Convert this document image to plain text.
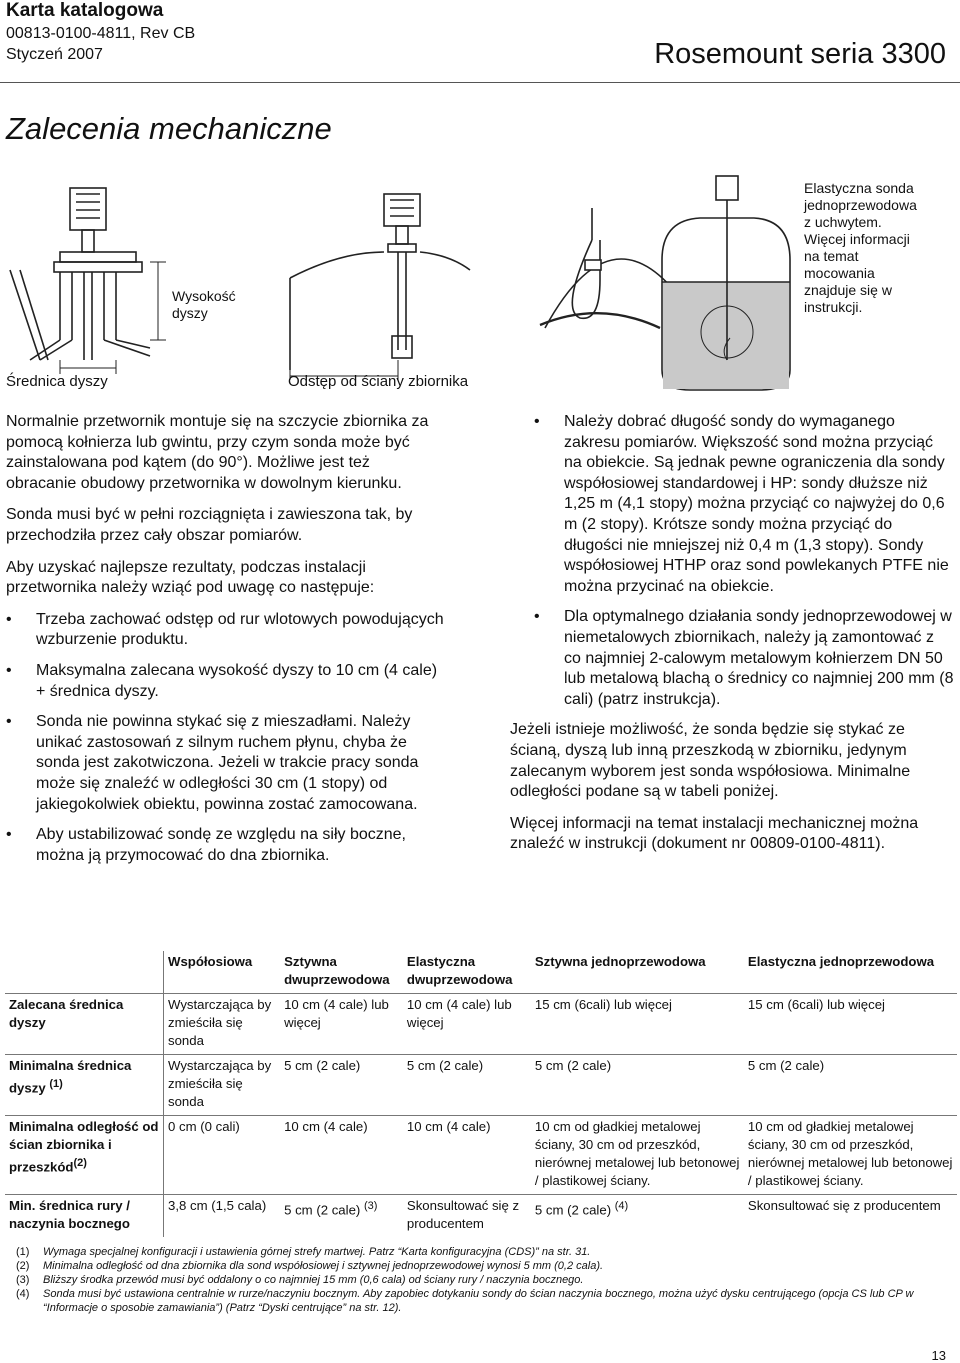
Karta katalogowa
00813-0100-4811, Rev CB
Styczeń 2007	Rosemount seria 3300
Zalecenia mechaniczne
Wysokość
dyszy
Średnica dyszy	Odstęp od ściany zbiornika
Elastyczna sonda
jednoprzewodowa
z uchwytem.
Więcej informacji
na temat
mocowania
znajduje się w
instrukcji.

Normalnie przetwornik montuje się na szczycie zbiornika za pomocą kołnierza lub gwintu, przy czym sonda może być zainstalowana pod kątem (do 90°). Możliwe jest też obracanie obudowy przetwornika w dowolnym kierunku.

Sonda musi być w pełni rozciągnięta i zawieszona tak, by przechodziła przez cały obszar pomiarów.

Aby uzyskać najlepsze rezultaty, podczas instalacji przetwornika należy wziąć pod uwagę co następuje:

• Trzeba zachować odstęp od rur wlotowych powodujących wzburzenie produktu.
• Maksymalna zalecana wysokość dyszy to 10 cm (4 cale) + średnica dyszy.
• Sonda nie powinna stykać się z mieszadłami. Należy unikać zastosowań z silnym ruchem płynu, chyba że sonda jest zakotwiczona. Jeżeli w trakcie pracy sonda może się znaleźć w odległości 30 cm (1 stopy) od jakiegokolwiek obiektu, powinna zostać zamocowana.
• Aby ustabilizować sondę ze względu na siły boczne, można ją przymocować do dna zbiornika.
• Należy dobrać długość sondy do wymaganego zakresu pomiarów. Większość sond można przyciąć na obiekcie. Są jednak pewne ograniczenia dla sondy współosiowej standardowej i HP: sondy dłuższe niż 1,25 m (4,1 stopy) można przyciąć co najwyżej do 0,6 m (2 stopy). Krótsze sondy można przyciąć do długości nie mniejszej niż 0,4 m (1,3 stopy). Sondy współosiowej HTHP oraz sond powlekanych PTFE nie można przycinać na obiekcie.
• Dla optymalnego działania sondy jednoprzewodowej w niemetalowych zbiornikach, należy ją zamontować z co najmniej 2-calowym metalowym kołnierzem DN 50 lub metalową blachą o średnicy co najmniej 200 mm (8 cali) (patrz instrukcja).

Jeżeli istnieje możliwość, że sonda będzie się stykać ze ścianą, dyszą lub inną przeszkodą w zbiorniku, jedynym zalecanym wyborem jest sonda współosiowa. Minimalne odległości podane są w tabeli poniżej.

Więcej informacji na temat instalacji mechanicznej można znaleźć w instrukcji (dokument nr 00809-0100-4811).

	Współosiowa	Sztywna dwuprzewodowa	Elastyczna dwuprzewodowa	Sztywna jednoprzewodowa	Elastyczna jednoprzewodowa
Zalecana średnica dyszy	Wystarczająca by zmieściła się sonda	10 cm (4 cale) lub więcej	10 cm (4 cale) lub więcej	15 cm (6cali) lub więcej	15 cm (6cali) lub więcej
Minimalna średnica dyszy $^{(1)}$	Wystarczająca by zmieściła się sonda	5 cm (2 cale)	5 cm (2 cale)	5 cm (2 cale)	5 cm (2 cale)
Minimalna odległość od ścian zbiornika i przeszkód$^{(2)}$	0 cm (0 cali)	10 cm (4 cale)	10 cm (4 cale)	10 cm od gładkiej metalowej ściany, 30 cm od przeszkód, nierównej metalowej lub betonowej / plastikowej ściany.	10 cm od gładkiej metalowej ściany, 30 cm od przeszkód, nierównej metalowej lub betonowej / plastikowej ściany.
Min. średnica rury / naczynia bocznego	3,8 cm (1,5 cala)	5 cm (2 cale) $^{(3)}$	Skonsultować się z producentem	5 cm (2 cale) $^{(4)}$	Skonsultować się z producentem
(1) Wymaga specjalnej konfiguracji i ustawienia górnej strefy martwej. Patrz “Karta konfiguracyjna (CDS)” na str. 31.
(2) Minimalna odległość od dna zbiornika dla sond współosiowej i sztywnej jednoprzewodowej wynosi 5 mm (0,2 cala).
(3) Bliższy środka przewód musi być oddalony o co najmniej 15 mm (0,6 cala) od ściany rury / naczynia bocznego.
(4)	Sonda musi być ustawiona centralnie w rurze/naczyniu bocznym. Aby zapobiec dotykaniu sondy do ścian naczynia bocznego, można użyć dysku centrującego (opcja CS lub CP w “Informacje o sposobie zamawiania”) (Patrz “Dyski centrujące” na str. 12).
13
